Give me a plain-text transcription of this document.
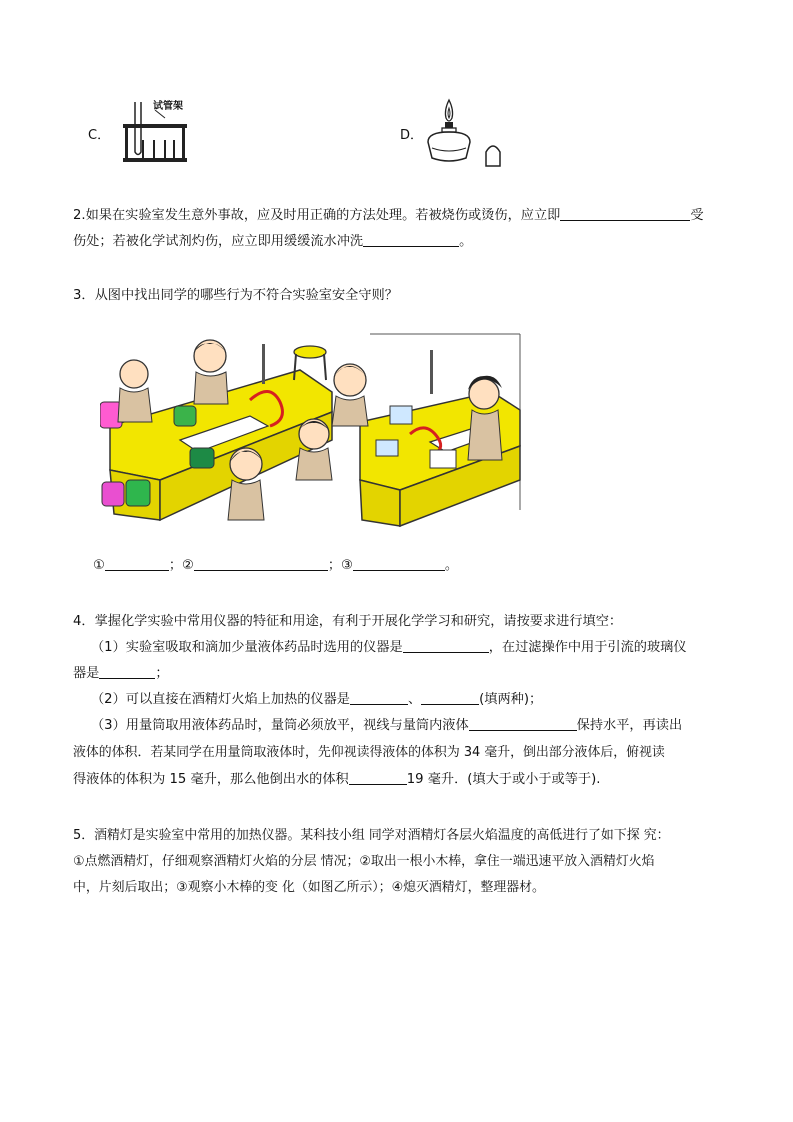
C．
试管架
D．
2.如果在实验室发生意外事故，应及时用正确的方法处理。若被烧伤或烫伤，应立即	受
伤处；若被化学试剂灼伤，应立即用缓缓流水冲洗	。
3．从图中找出同学的哪些行为不符合实验室安全守则？
①	；②	；③	。
4．掌握化学实验中常用仪器的特征和用途，有利于开展化学学习和研究，请按要求进行填空：
（1）实验室吸取和滴加少量液体药品时选用的仪器是	，在过滤操作中用于引流的玻璃仪
器是	；
（2）可以直接在酒精灯火焰上加热的仪器是	、	(填两种)；
（3）用量筒取用液体药品时，量筒必须放平，视线与量筒内液体	保持水平，再读出
液体的体积．若某同学在用量筒取液体时，先仰视读得液体的体积为 34 毫升，倒出部分液体后，俯视读
得液体的体积为 15 毫升，那么他倒出水的体积	19 毫升．(填大于或小于或等于).
5．酒精灯是实验室中常用的加热仪器。某科技小组 同学对酒精灯各层火焰温度的高低进行了如下探 究：
①点燃酒精灯，仔细观察酒精灯火焰的分层 情况；②取出一根小木棒，拿住一端迅速平放入酒精灯火焰
中，片刻后取出；③观察小木棒的变 化（如图乙所示）；④熄灭酒精灯，整理器材。
